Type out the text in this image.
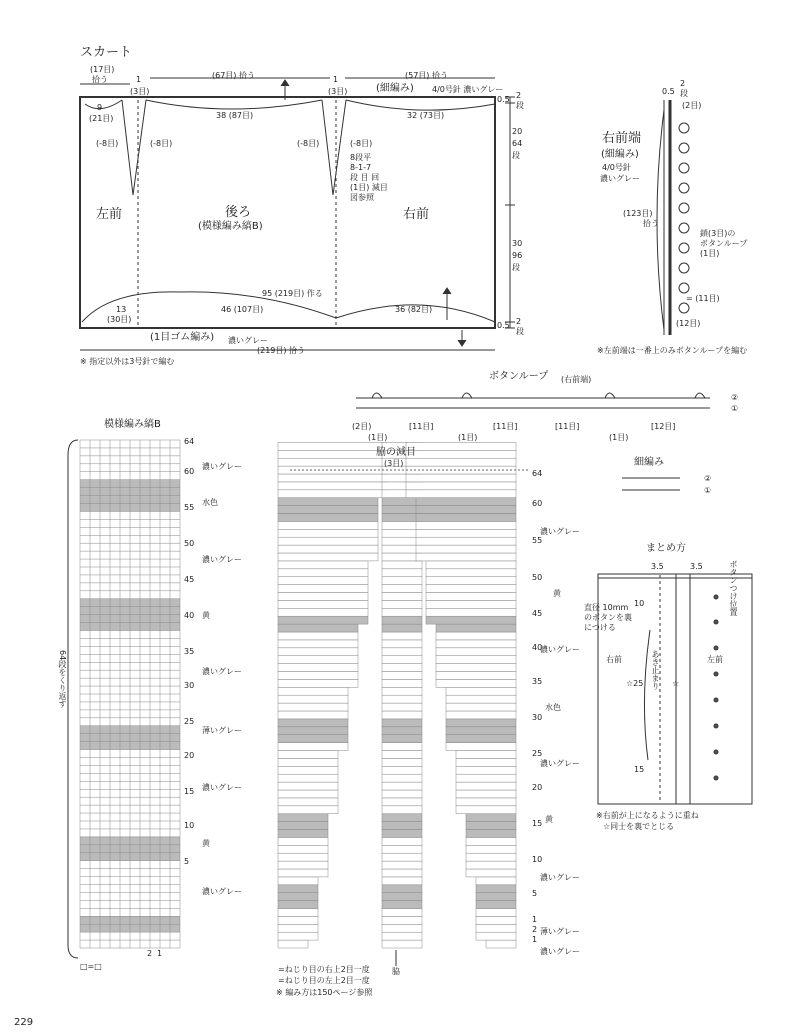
スカート
(17目)
拾う	1
(3目)
(67目) 拾う	1
(3目)
(57目) 拾う
(細編み) 4/0号針 濃いグレー
9
(21目)	38 (87目)	32 (73目)
(-8目)	(-8目)	(-8目)	(-8目)
8段平
8-1-7
段 目 回
(1目) 減目
図参照
左前	後ろ
(模様編み縞B)
右前
95 (219目) 作る
13
(30目)
46 (107目)	36 (82目)
(1目ゴム編み) 濃いグレー
(219目) 拾う
※ 指定以外は3号針で編む
0.5 2
段
20
64
段
30
96
段
0.5 2
段
右前端
(細編み)
4/0号針
濃いグレー
0.5
2
段
(2目)
(123目)
拾う
鎖(3目)の
ボタンループ
(1目)
= (11目)
(12目)
※左前端は一番上のみボタンループを編む
ボタンループ (右前端)
②
①
(2目)
(1目)
[11目]
(1目)
[11目]	[11目]
(1目)
[12目]
模様編み縞B
64
60
55
50
45
40
35
30
25
20
15
10
5
2 1
濃いグレー
水色
濃いグレー
黄
濃いグレー
薄いグレー
濃いグレー
黄
濃いグレー
64段をくり返す
□=□
脇の減目
(3目)
64
60
55
50
45
40
35
30
25
20
15
10
5
1
2
1
黄
濃いグレー
濃いグレー
水色
濃いグレー
黄
濃いグレー
薄いグレー
濃いグレー
脇
=ねじり目の右上2目一度
=ねじり目の左上2目一度
※ 編み方は150ページ参照
細編み
②
①
まとめ方
3.5	3.5	ボタンつけ位置
直径 10mm
のボタンを裏
につける
10
右前	左前
あき止まり
☆25	☆
15
※右前が上になるように重ね
☆同士を裏でとじる
229
